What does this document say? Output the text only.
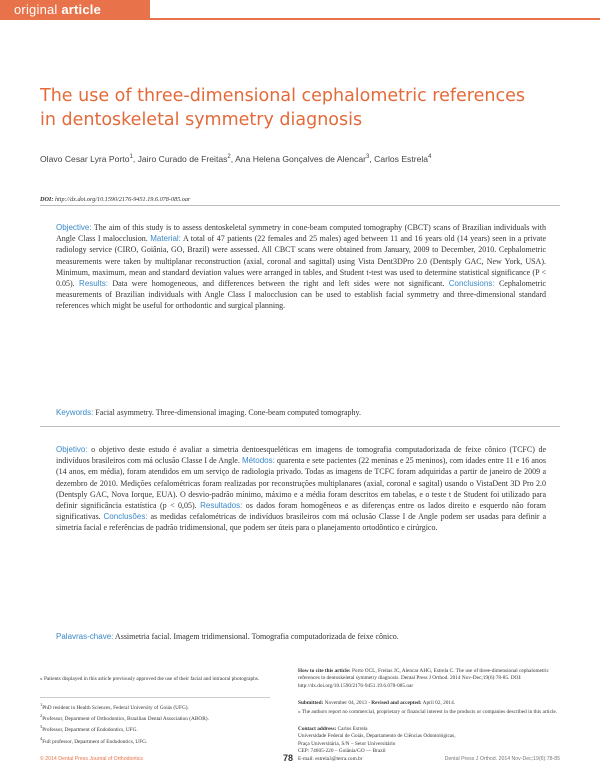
original article
The use of three-dimensional cephalometric references
in dentoskeletal symmetry diagnosis
Olavo Cesar Lyra Porto$^1$, Jairo Curado de Freitas$^2$, Ana Helena Gonçalves de Alencar$^3$, Carlos Estrela$^4$
DOI: http://dx.doi.org/10.1590/2176-9451.19.6.078-085.oar
Objective: The aim of this study is to assess dentoskeletal symmetry in cone-beam computed tomography (CBCT) scans of Brazilian individuals with Angle Class I malocclusion. Material: A total of 47 patients (22 females and 25 males) aged between 11 and 16 years old (14 years) seen in a private radiology service (CIRO, Goiânia, GO, Brazil) were assessed. All CBCT scans were obtained from January, 2009 to December, 2010. Cephalometric measurements were taken by multiplanar reconstruction (axial, coronal and sagittal) using Vista Dent3DPro 2.0 (Dentsply GAC, New York, USA). Minimum, maximum, mean and standard deviation values were arranged in tables, and Student t-test was used to determine statistical significance (P < 0.05). Results: Data were homogeneous, and differences between the right and left sides were not significant. Conclusions: Cephalometric measurements of Brazilian individuals with Angle Class I malocclusion can be used to establish facial symmetry and three-dimensional standard references which might be useful for orthodontic and surgical planning.
Keywords: Facial asymmetry. Three-dimensional imaging. Cone-beam computed tomography.
Objetivo: o objetivo deste estudo é avaliar a simetria dentoesqueléticas em imagens de tomografia computadorizada de feixe cônico (TCFC) de indivíduos brasileiros com má oclusão Classe I de Angle. Métodos: quarenta e sete pacientes (22 meninas e 25 meninos), com idades entre 11 e 16 anos (14 anos, em média), foram atendidos em um serviço de radiologia privado. Todas as imagens de TCFC foram adquiridas a partir de janeiro de 2009 a dezembro de 2010. Medições cefalométricas foram realizadas por reconstruções multiplanares (axial, coronal e sagital) usando o VistaDent 3D Pro 2.0 (Dentsply GAC, Nova Iorque, EUA). O desvio-padrão mínimo, máximo e a média foram descritos em tabelas, e o teste t de Student foi utilizado para definir significância estatística (p < 0,05). Resultados: os dados foram homogêneos e as diferenças entre os lados direito e esquerdo não foram significativas. Conclusões: as medidas cefalométricas de indivíduos brasileiros com má oclusão Classe I de Angle podem ser usadas para definir a simetria facial e referências de padrão tridimensional, que podem ser úteis para o planejamento ortodôntico e cirúrgico.
Palavras-chave: Assimetria facial. Imagem tridimensional. Tomografia computadorizada de feixe cônico.
» Patients displayed in this article previously approved the use of their facial and intraoral photographs.
$^1$PhD resident in Health Sciences, Federal University of Goiás (UFG).
$^2$Professor, Department of Orthodontics, Brazilian Dental Association (ABOR).
$^3$Professor, Department of Endodontics, UFG.
$^4$Full professor, Department of Endodontics, UFG.
How to cite this article: Porto OCL, Freitas JC, Alencar AHG, Estrela C. The use of three-dimensional cephalometric references in dentoskeletal symmetry diagnosis. Dental Press J Orthod. 2014 Nov-Dec;19(6):78-85. DOI: http://dx.doi.org/10.1590/2176-9451.19.6.078-085.oar
Submitted: November 04, 2013 - Revised and accepted: April 02, 2014.
» The authors report no commercial, proprietary or financial interest in the products or companies described in this article.
Contact address: Carlos Estrela
Universidade Federal de Goiás, Departamento de Ciências Odontológicas,
Praça Universitária, S/N – Setor Universitário
CEP: 74605-220 – Goiânia/GO — Brazil
E-mail: estrela3@terra.com.br
© 2014 Dental Press Journal of Orthodontics	78	Dental Press J Orthod. 2014 Nov-Dec;19(6):78-85
